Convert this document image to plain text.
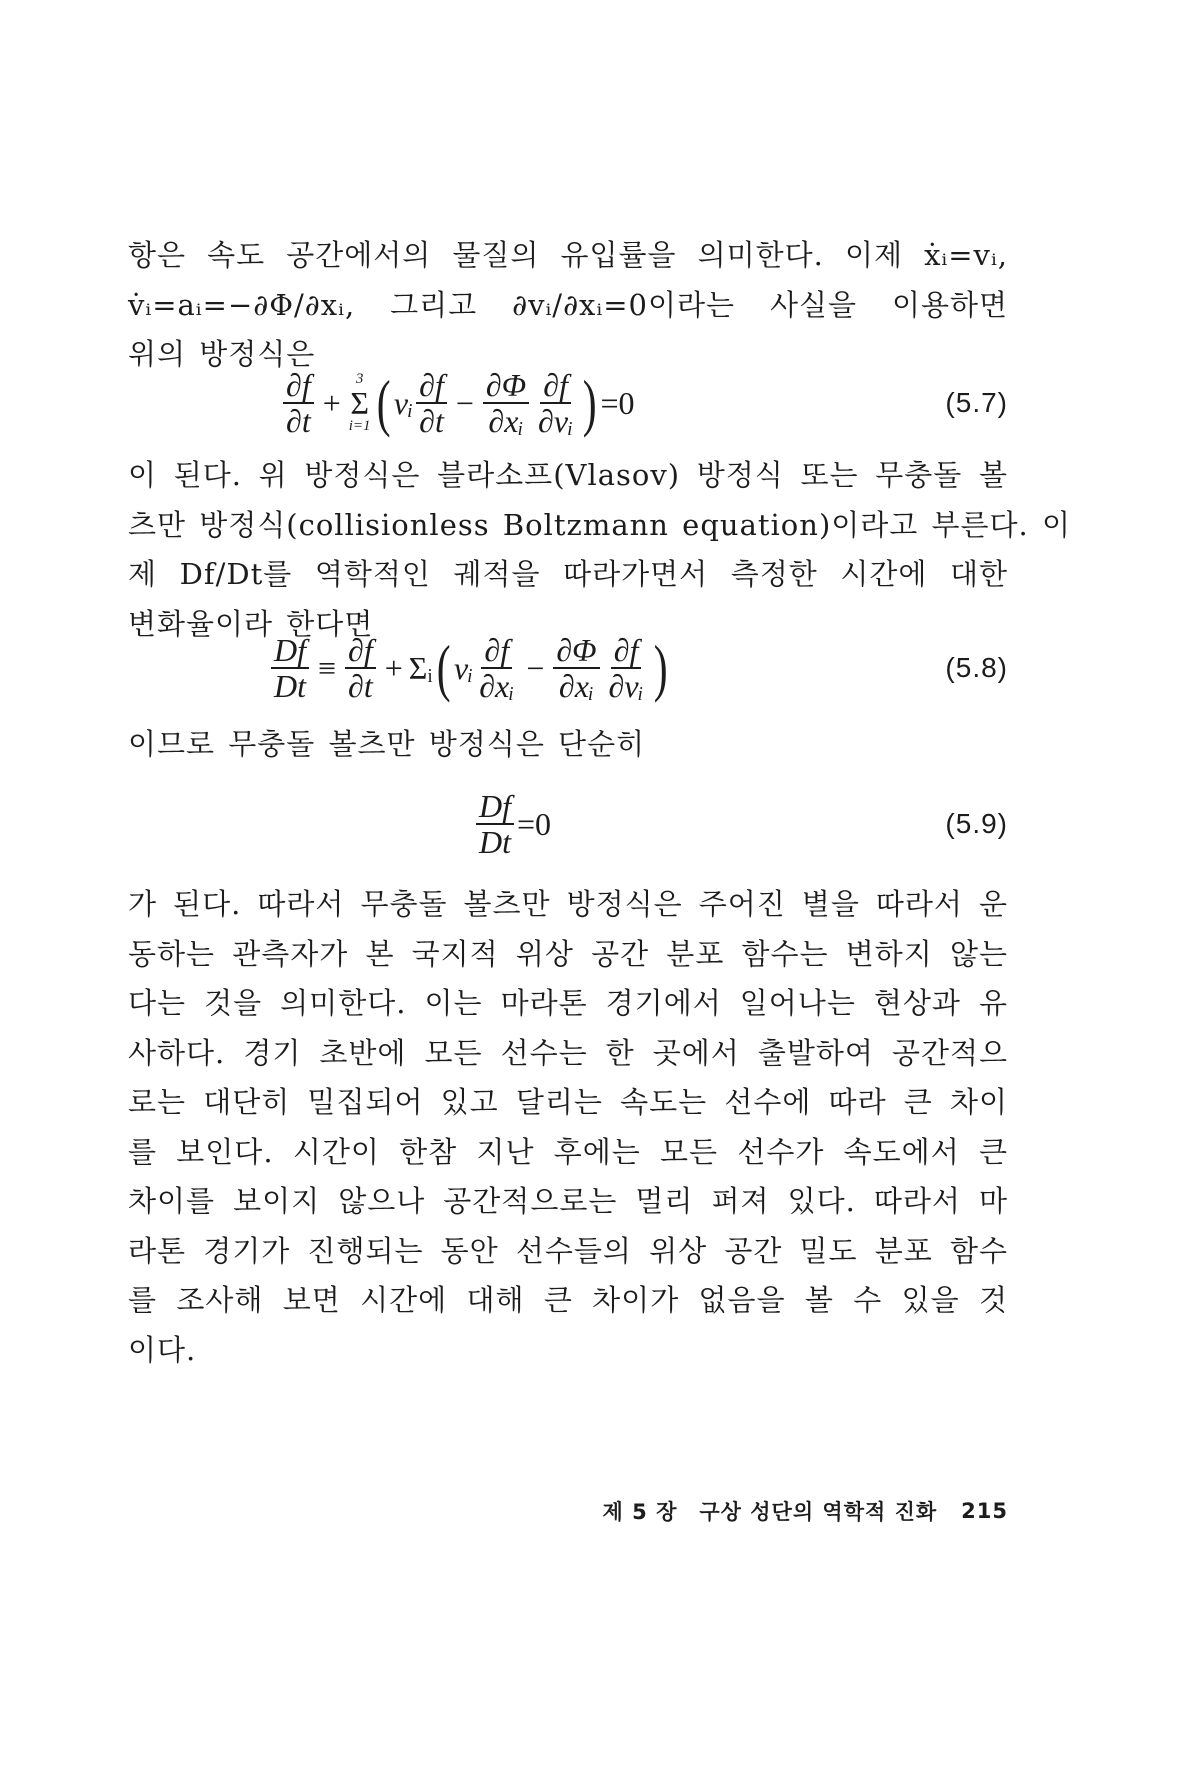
항은 속도 공간에서의 물질의 유입률을 의미한다. 이제 ẋᵢ=vᵢ,
v̇ᵢ=aᵢ=−∂Φ/∂xᵢ, 그리고 ∂vᵢ/∂xᵢ=0이라는 사실을 이용하면
위의 방정식은
$\frac{\partial f}{\partial t}$ +
3
Σ
i=1 ( vᵢ $\frac{\partial f}{\partial t} - \frac{\partial\Phi}{\text{∂xᵢ}} \frac{\partial f}{\text{∂vᵢ}}$ ) =0	(5.7)
이 된다. 위 방정식은 블라소프(Vlasov) 방정식 또는 무충돌 볼
츠만 방정식(collisionless Boltzmann equation)이라고 부른다. 이
제 Df/Dt를 역학적인 궤적을 따라가면서 측정한 시간에 대한
변화율이라 한다면
$\frac{Df}{Dt} \equiv \frac{\partial f}{\partial t}$ + Σᵢ ( vᵢ $\frac{\partial f}{\text{∂xᵢ}} - \frac{\partial\Phi}{\text{∂xᵢ}} \frac{\partial f}{\text{∂vᵢ}}$ )	(5.8)
이므로 무충돌 볼츠만 방정식은 단순히
$\frac{Df}{Dt} =0$	(5.9)
가 된다. 따라서 무충돌 볼츠만 방정식은 주어진 별을 따라서 운
동하는 관측자가 본 국지적 위상 공간 분포 함수는 변하지 않는
다는 것을 의미한다. 이는 마라톤 경기에서 일어나는 현상과 유
사하다. 경기 초반에 모든 선수는 한 곳에서 출발하여 공간적으
로는 대단히 밀집되어 있고 달리는 속도는 선수에 따라 큰 차이
를 보인다. 시간이 한참 지난 후에는 모든 선수가 속도에서 큰
차이를 보이지 않으나 공간적으로는 멀리 퍼져 있다. 따라서 마
라톤 경기가 진행되는 동안 선수들의 위상 공간 밀도 분포 함수
를 조사해 보면 시간에 대해 큰 차이가 없음을 볼 수 있을 것
이다.
제 5 장 구상 성단의 역학적 진화 215
